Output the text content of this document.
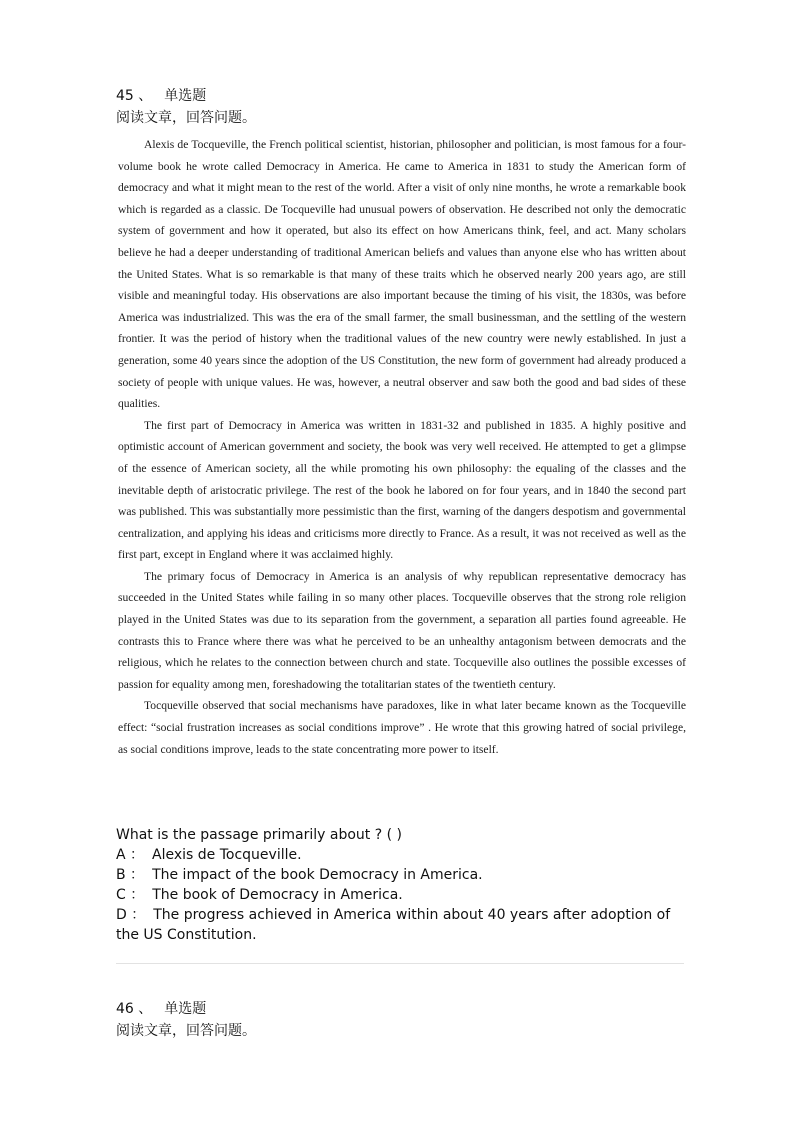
45 、 单选题
阅读文章，回答问题。

Alexis de Tocqueville, the French political scientist, historian, philosopher and politician, is most famous for a four-volume book he wrote called Democracy in America. He came to America in 1831 to study the American form of democracy and what it might mean to the rest of the world. After a visit of only nine months, he wrote a remarkable book which is regarded as a classic. De Tocqueville had unusual powers of observation. He described not only the democratic system of government and how it operated, but also its effect on how Americans think, feel, and act. Many scholars believe he had a deeper understanding of traditional American beliefs and values than anyone else who has written about the United States. What is so remarkable is that many of these traits which he observed nearly 200 years ago, are still visible and meaningful today. His observations are also important because the timing of his visit, the 1830s, was before America was industrialized. This was the era of the small farmer, the small businessman, and the settling of the western frontier. It was the period of history when the traditional values of the new country were newly established. In just a generation, some 40 years since the adoption of the US Constitution, the new form of government had already produced a society of people with unique values. He was, however, a neutral observer and saw both the good and bad sides of these qualities.

The first part of Democracy in America was written in 1831-32 and published in 1835. A highly positive and optimistic account of American government and society, the book was very well received. He attempted to get a glimpse of the essence of American society, all the while promoting his own philosophy: the equaling of the classes and the inevitable depth of aristocratic privilege. The rest of the book he labored on for four years, and in 1840 the second part was published. This was substantially more pessimistic than the first, warning of the dangers despotism and governmental centralization, and applying his ideas and criticisms more directly to France. As a result, it was not received as well as the first part, except in England where it was acclaimed highly.

The primary focus of Democracy in America is an analysis of why republican representative democracy has succeeded in the United States while failing in so many other places. Tocqueville observes that the strong role religion played in the United States was due to its separation from the government, a separation all parties found agreeable. He contrasts this to France where there was what he perceived to be an unhealthy antagonism between democrats and the religious, which he relates to the connection between church and state. Tocqueville also outlines the possible excesses of passion for equality among men, foreshadowing the totalitarian states of the twentieth century.

Tocqueville observed that social mechanisms have paradoxes, like in what later became known as the Tocqueville effect: “social frustration increases as social conditions improve” . He wrote that this growing hatred of social privilege, as social conditions improve, leads to the state concentrating more power to itself.

What is the passage primarily about ? ( )
A ： Alexis de Tocqueville.
B ： The impact of the book Democracy in America.
C ： The book of Democracy in America.
D ： The progress achieved in America within about 40 years after adoption of the US Constitution.
46 、 单选题
阅读文章，回答问题。
